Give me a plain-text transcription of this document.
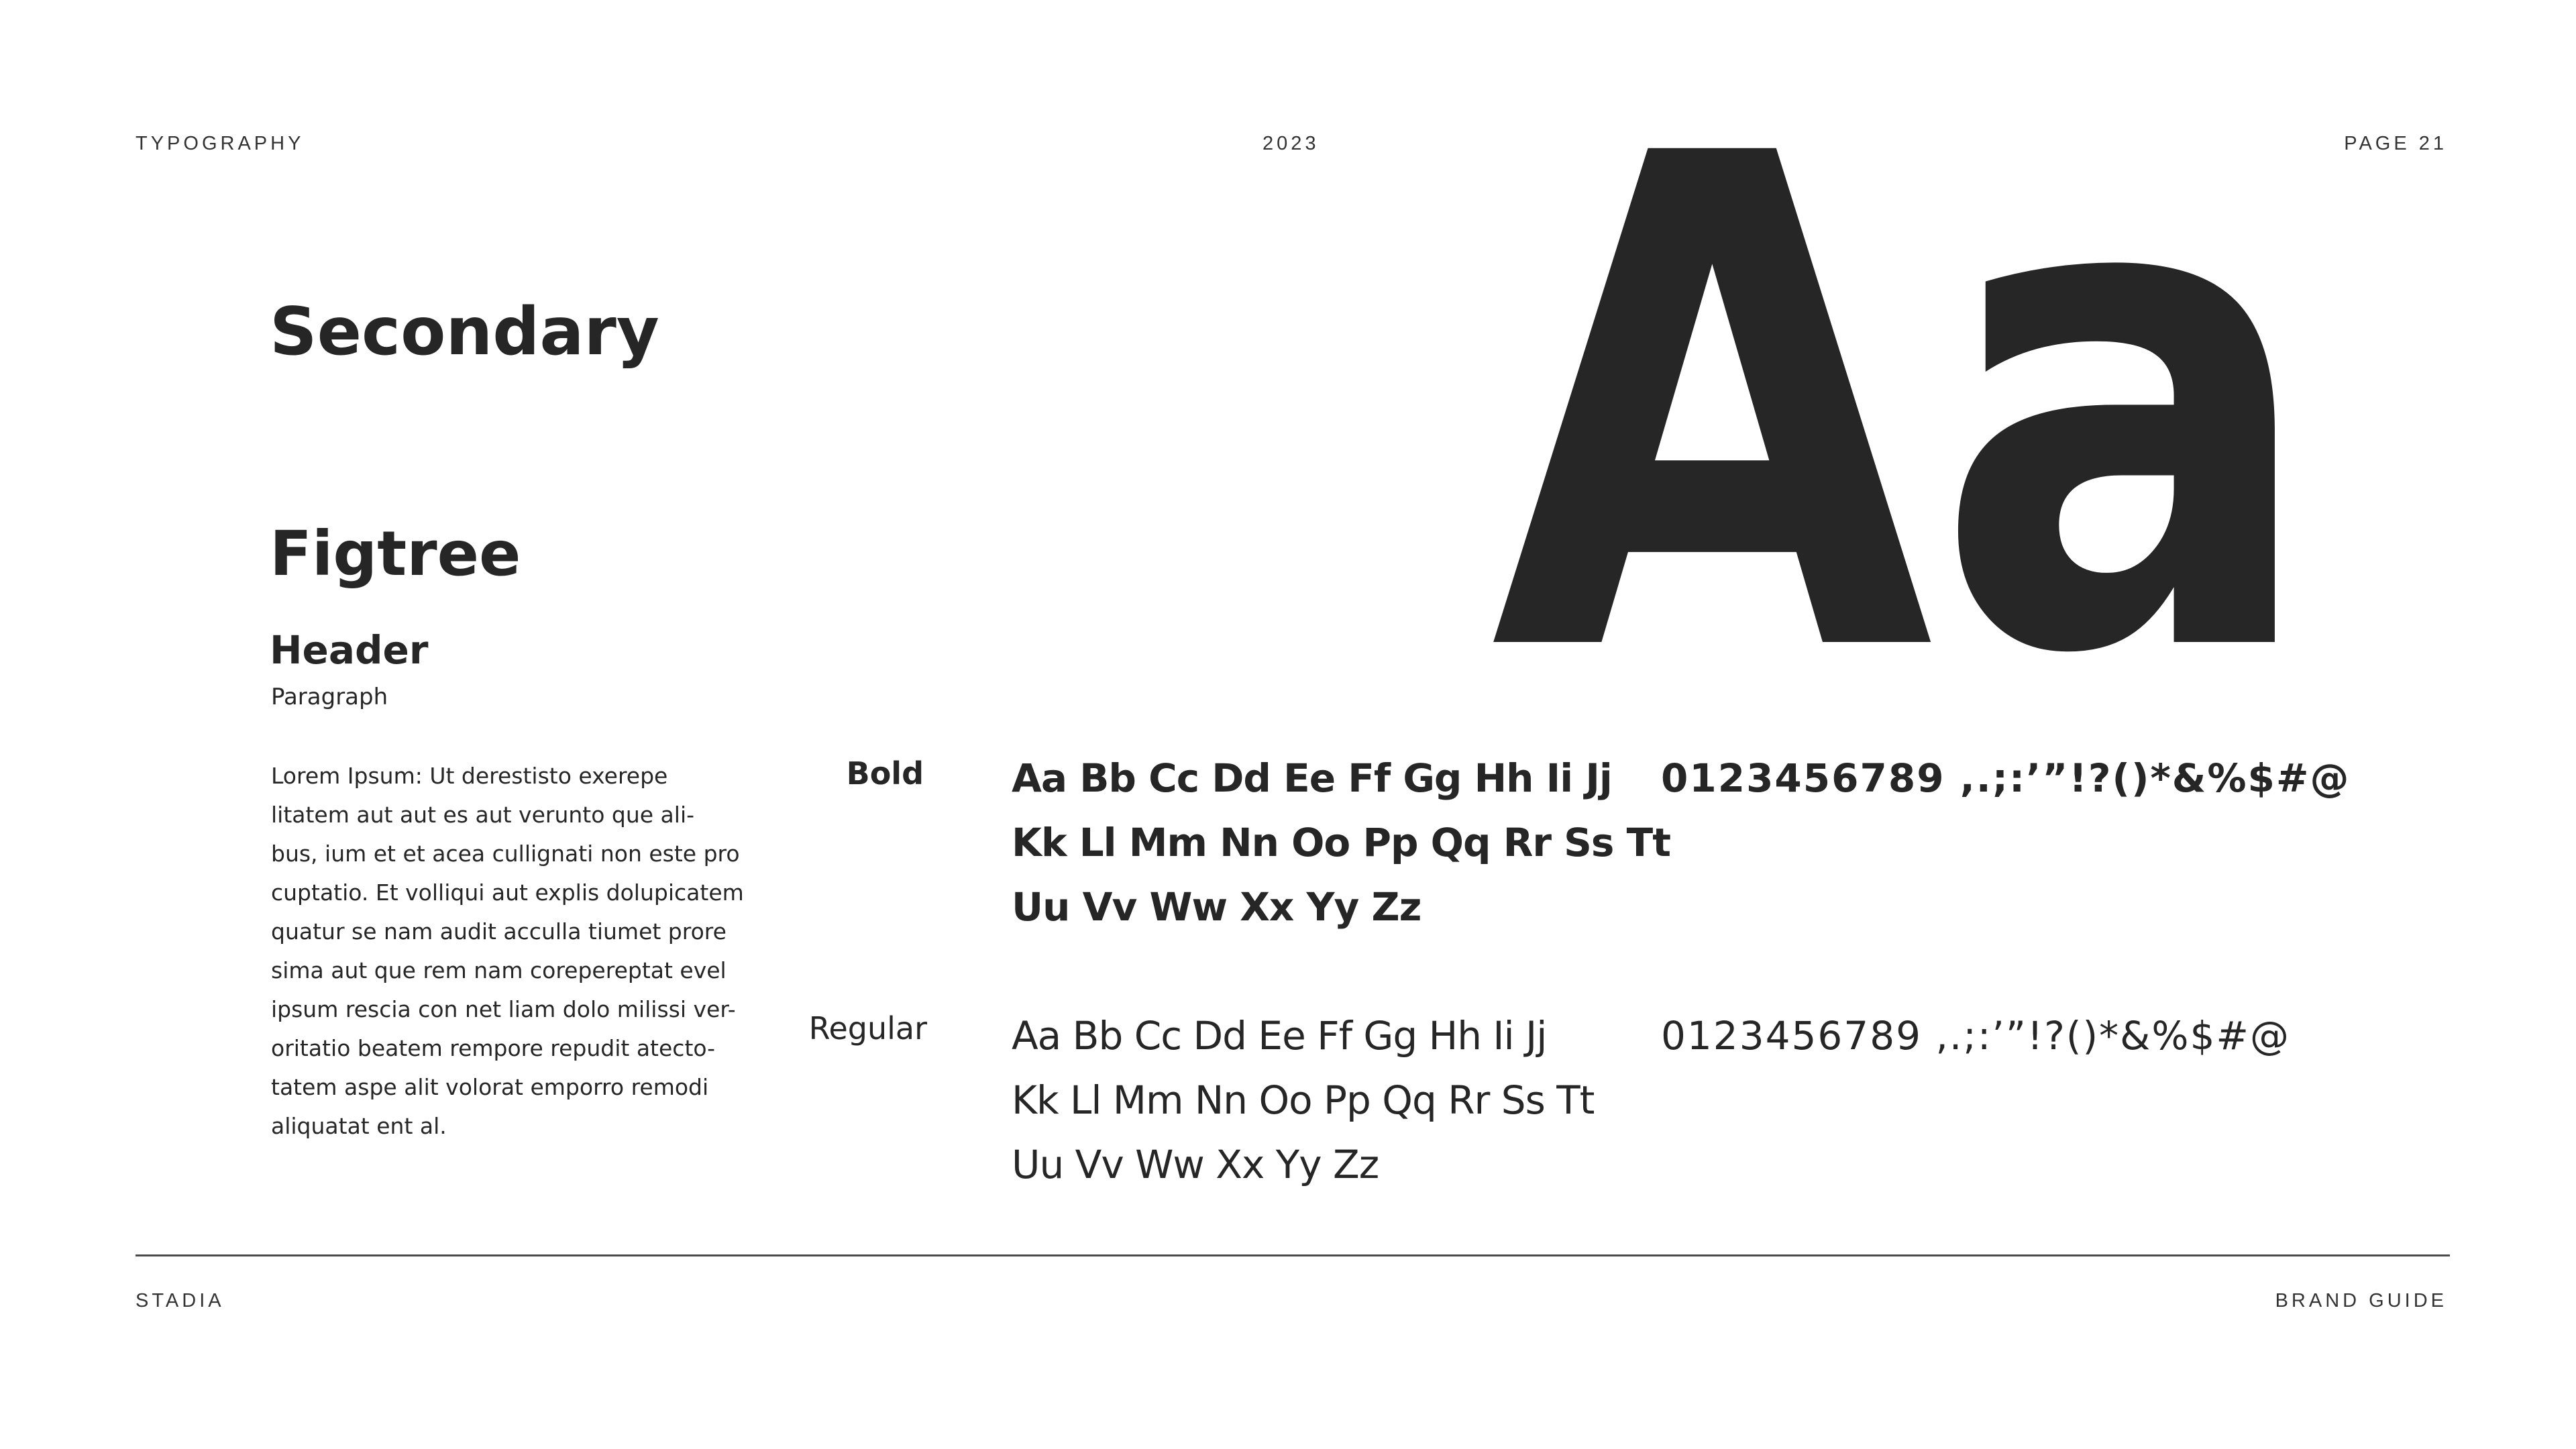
TYPOGRAPHY	2023	PAGE 21
Secondary
Figtree
Header
Paragraph
Lorem Ipsum: Ut derestisto exerepe
litatem aut aut es aut verunto que ali-
bus, ium et et acea cullignati non este pro
cuptatio. Et volliqui aut explis dolupicatem
quatur se nam audit acculla tiumet prore
sima aut que rem nam corepereptat evel
ipsum rescia con net liam dolo milissi ver-
oritatio beatem rempore repudit atecto-
tatem aspe alit volorat emporro remodi
aliquatat ent al.
Aa
Bold Aa Bb Cc Dd Ee Ff Gg Hh Ii Jj
Kk Ll Mm Nn Oo Pp Qq Rr Ss Tt
Uu Vv Ww Xx Yy Zz
0123456789 ,.;:’”!?()*&%$#@
Regular Aa Bb Cc Dd Ee Ff Gg Hh Ii Jj
Kk Ll Mm Nn Oo Pp Qq Rr Ss Tt
Uu Vv Ww Xx Yy Zz
0123456789 ,.;:’”!?()*&%$#@
STADIA	BRAND GUIDE
